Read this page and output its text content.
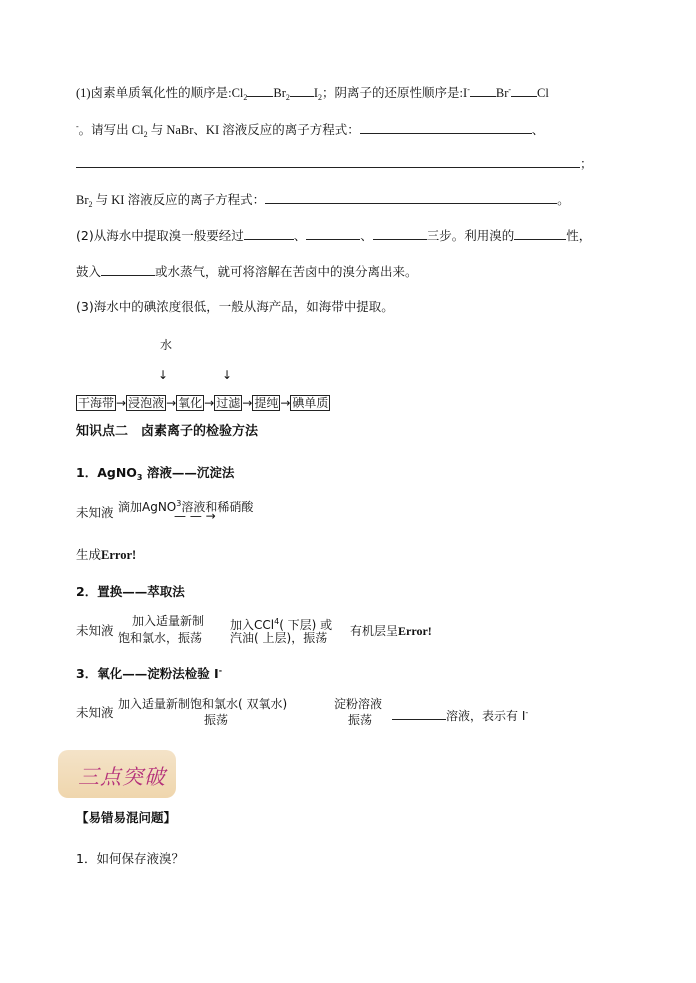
(1)卤素单质氧化性的顺序是$:Cl_2$ $Br_2$ $I_2$；阴离子的还原性顺序是:I- Br- Cl
-。请写出 $Cl_2$ 与 NaBr、KI 溶液反应的离子方程式：	、
；
$Br_2$ 与 KI 溶液反应的离子方程式：	。
(2)从海水中提取溴一般要经过	、	、	三步。利用溴的	性，
鼓入	或水蒸气，就可将溶解在苦卤中的溴分离出来。
(3)海水中的碘浓度很低，一般从海产品，如海带中提取。
水
↓	↓
干海带 → 浸泡液 → 氧化 → 过滤 → 提纯 → 碘单质
知识点二　卤素离子的检验方法
1．AgNO$_3$ 溶液——沉淀法
未知液 滴加AgNO$^3$溶液和稀硝酸
— — →
生成Error!
2．置换——萃取法
未知液
加入适量新制
饱和氯水，振荡
加入CCl$^4$( 下层) 或
汽油( 上层)，振荡 有机层呈Error!
3．氧化——淀粉法检验 I-
未知液
加入适量新制饱和氯水( 双氧水)
振荡
淀粉溶液
振荡	溶液，表示有 I-
三点突破
【易错易混问题】
1．如何保存液溴？
